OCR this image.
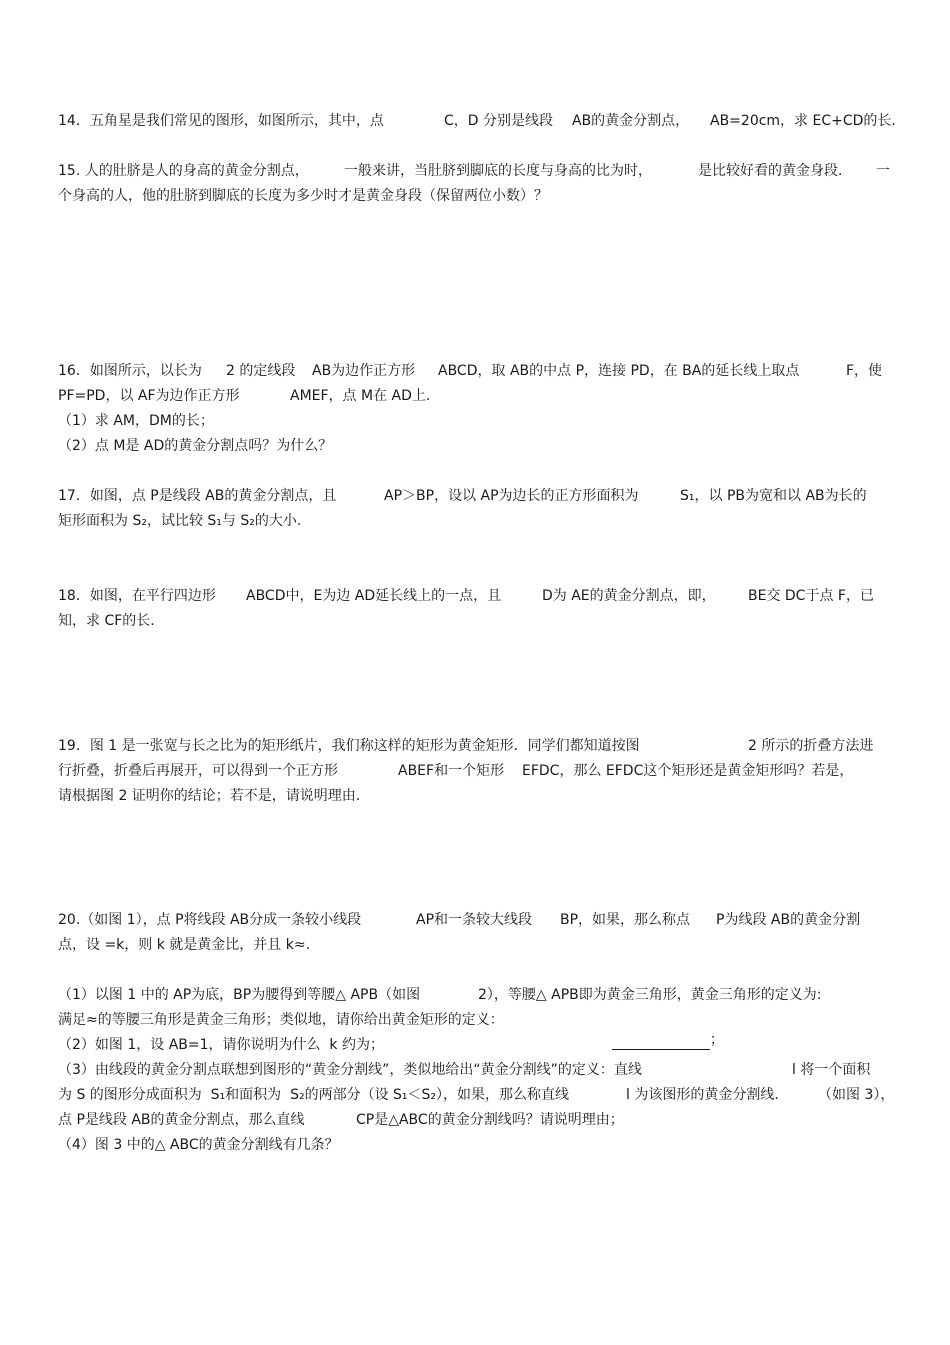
14．五角星是我们常见的图形，如图所示，其中，点	C，D 分别是线段 AB的黄金分割点， AB=20cm，求 EC+CD的长.
15. 人的肚脐是人的身高的黄金分割点，	一般来讲，当肚脐到脚底的长度与身高的比为时，	是比较好看的黄金身段. 一
个身高的人，他的肚脐到脚底的长度为多少时才是黄金身段（保留两位小数）？
16．如图所示，以长为 2 的定线段 AB为边作正方形 ABCD，取 AB的中点 P，连接 PD，在 BA的延长线上取点	F，使
PF=PD，以 AF为边作正方形	AMEF，点 M在 AD上.
（1）求 AM，DM的长；
（2）点 M是 AD的黄金分割点吗？为什么？
17．如图，点 P是线段 AB的黄金分割点，且	AP＞BP，设以 AP为边长的正方形面积为	S₁，以 PB为宽和以 AB为长的
矩形面积为 S₂，试比较 S₁与 S₂的大小.
18．如图，在平行四边形 ABCD中，E为边 AD延长线上的一点，且	D为 AE的黄金分割点，即， BE交 DC于点 F，已
知，求 CF的长.
19．图 1 是一张宽与长之比为的矩形纸片，我们称这样的矩形为黄金矩形．同学们都知道按图	2 所示的折叠方法进
行折叠，折叠后再展开，可以得到一个正方形	ABEF和一个矩形 EFDC，那么 EFDC这个矩形还是黄金矩形吗？若是，
请根据图 2 证明你的结论；若不是，请说明理由.
20.（如图 1），点 P将线段 AB分成一条较小线段	AP和一条较大线段 BP，如果，那么称点 P为线段 AB的黄金分割
点，设 =k，则 k 就是黄金比，并且 k≈.
（1）以图 1 中的 AP为底，BP为腰得到等腰△ APB（如图	2），等腰△ APB即为黄金三角形，黄金三角形的定义为:
满足≈的等腰三角形是黄金三角形；类似地，请你给出黄金矩形的定义：

；

（2）如图 1，设 AB=1，请你说明为什么  k 约为；
（3）由线段的黄金分割点联想到图形的“黄金分割线”，类似地给出“黄金分割线”的定义：直线	l 将一个面积
为 S 的图形分成面积为  S₁和面积为  S₂的两部分（设 S₁＜S₂），如果，那么称直线	l 为该图形的黄金分割线.	（如图 3），
点 P是线段 AB的黄金分割点，那么直线	CP是△ABC的黄金分割线吗？请说明理由；
（4）图 3 中的△ ABC的黄金分割线有几条？
